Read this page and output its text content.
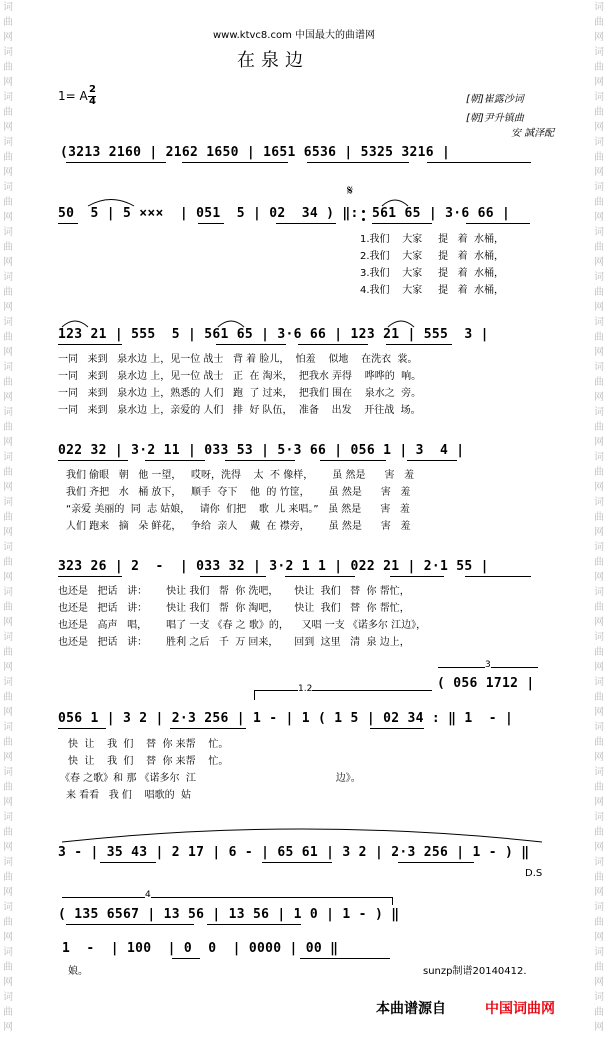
词
曲
网
词
曲
网
词
曲
网
词
曲
网
词
曲
网
词
曲
网
词
曲
网
词
曲
网
词
曲
网
词
曲
网
词
曲
网
词
曲
网
词
曲
网
词
曲
网
词
曲
网
词
曲
网
词
曲
网
词
曲
网
词
曲
网
词
曲
网
词
曲
网
词
曲
网
词
曲
网
词
曲
网
词
曲
网
词
曲
网
词
曲
网
词
曲
网
词
曲
网
词
曲
网
词
曲
网
词
曲
网
词
曲
网
词
曲
网
词
曲
网
词
曲
网
词
曲
网
词
曲
网
词
曲
网
词
曲
网
词
曲
网
词
曲
网
词
曲
网
词
曲
网
词
曲
网
词
曲
网
www.ktvc8.com 中国最大的曲谱网
在泉边
1= A 2
4	[朝]崔露沙词
[朝]尹升镇曲
安 誠泽配
(3213 2160 | 2162 1650 | 1651 6536 | 5325 3216 |
𝄋
50  5 | 5 ×××  | 051  5 | 02  34 ) ‖: 561 65 | 3·6 66 |
1.我们    大家     提   着  水桶，
2.我们    大家     提   着  水桶，
3.我们    大家     提   着  水桶，
4.我们    大家     提   着  水桶，
123 21 | 555  5 | 561 65 | 3·6 66 | 123 21 | 555  3 |
一同   来到   泉水边 上，见一位 战士   背 着 脸儿，  怕羞    似地    在洗衣  裳。
一同   来到   泉水边 上，见一位 战士   正  在 淘米，  把我水 弄得    哗哗的  响。
一同   来到   泉水边 上，熟悉的 人们   跑  了 过来，  把我们 围在    泉水之  旁。
一同   来到   泉水边 上，亲爱的 人们   排  好 队伍，  准备    出发    开往战  场。
022 32 | 3·2 11 | 033 53 | 5·3 66 | 056 1 | 3  4 |
我们 偷眼   朝   他 一望，   哎呀，洗得    太  不 像样，      虽 然是      害   羞
我们 齐把   水   桶 放下，   顺手  夺下    他  的 竹筐，      虽 然是      害   羞
“亲爱 美丽的  同  志 姑娘，   请你  们把    歌  儿 来唱。”   虽 然是      害   羞
人们 跑来   摘   朵 鲜花，   争给  亲人    戴  在 襟旁，      虽 然是      害   羞
323 26 | 2  -  | 033 32 | 3·2 1 1 | 022 21 | 2·1 55 |
也还是   把话   讲：      快让 我们   帮  你 洗吧，     快让  我们   替  你 帮忙，
也还是   把话   讲：      快让 我们   帮  你 淘吧，     快让  我们   替  你 帮忙，
也还是   高声   唱，      唱了 一支 《春 之 歌》的，    又唱 一支 《诺多尔 江边》，
也还是   把话   讲：      胜利 之后   千  万 回来，     回到  这里   清  泉 边上，
3
( 056 1712 |
1.2
056 1 | 3 2 | 2·3 256 | 1 - | 1 ( 1 5 | 02 34 : ‖ 1  - |
快  让    我  们    替  你 来帮    忙。
快  让    我  们    替  你 来帮    忙。
《春 之歌》和 那 《诺多尔  江                                            边》。
来 看看   我 们    唱歌的  姑
3 - | 35 43 | 2 17 | 6 - | 65 61 | 3 2 | 2·3 256 | 1 - ) ‖
D.S
4
( 135 6567 | 13 56 | 13 56 | 1 0 | 1 - ) ‖
1  -  | 100  | 0  0  | 0000 | 00 ‖
娘。	sunzp制谱20140412.
本曲谱源自	中国词曲网
